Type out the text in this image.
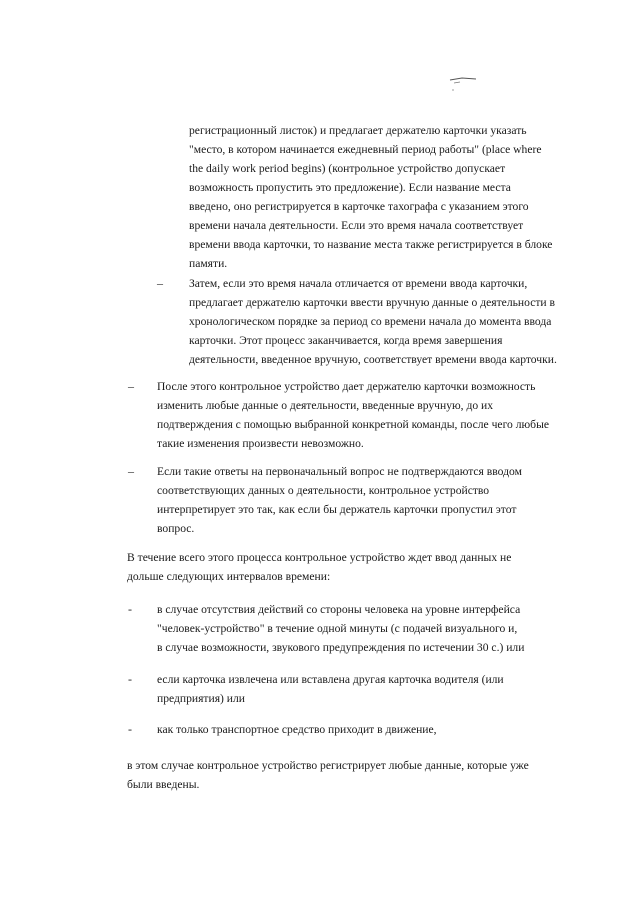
регистрационный листок) и предлагает держателю карточки указать
"место, в котором начинается ежедневный период работы" (place where
the daily work period begins) (контрольное устройство допускает
возможность пропустить это предложение). Если название места
введено, оно регистрируется в карточке тахографа с указанием этого
времени начала деятельности. Если это время начала соответствует
времени ввода карточки, то название места также регистрируется в блоке
памяти.
– Затем, если это время начала отличается от времени ввода карточки,
предлагает держателю карточки ввести вручную данные о деятельности в
хронологическом порядке за период со времени начала до момента ввода
карточки. Этот процесс заканчивается, когда время завершения
деятельности, введенное вручную, соответствует времени ввода карточки.
– После этого контрольное устройство дает держателю карточки возможность
изменить любые данные о деятельности, введенные вручную, до их
подтверждения с помощью выбранной конкретной команды, после чего любые
такие изменения произвести невозможно.
– Если такие ответы на первоначальный вопрос не подтверждаются вводом
соответствующих данных о деятельности, контрольное устройство
интерпретирует это так, как если бы держатель карточки пропустил этот
вопрос.
В течение всего этого процесса контрольное устройство ждет ввод данных не
дольше следующих интервалов времени:
- в случае отсутствия действий со стороны человека на уровне интерфейса
"человек-устройство" в течение одной минуты (с подачей визуального и,
в случае возможности, звукового предупреждения по истечении 30 с.) или
- если карточка извлечена или вставлена другая карточка водителя (или
предприятия) или
- как только транспортное средство приходит в движение,
в этом случае контрольное устройство регистрирует любые данные, которые уже
были введены.
